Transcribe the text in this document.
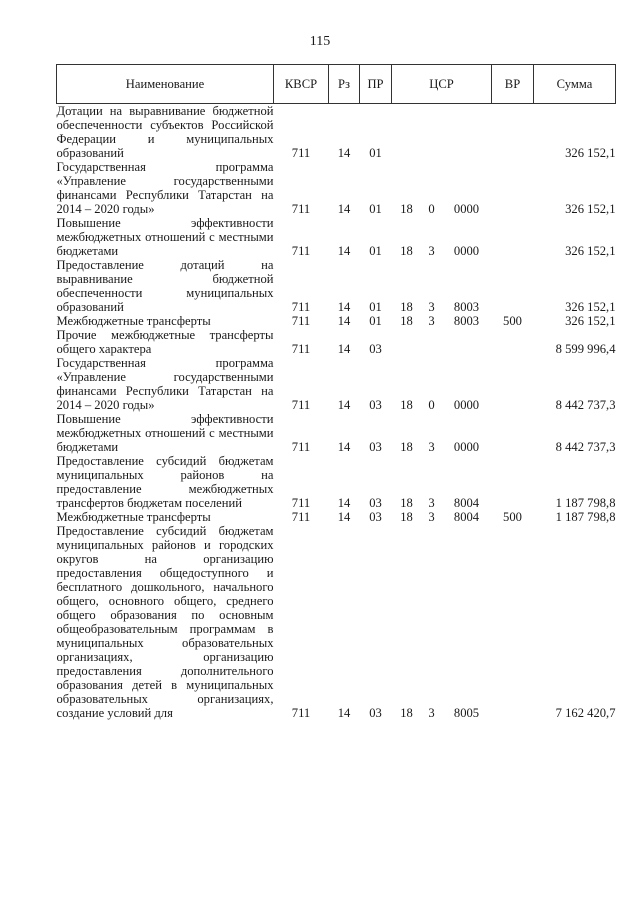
115
Наименование	КВСР	Рз	ПР	ЦСР			ВР	Сумма
Дотации на выравнивание бюджетной обеспеченности субъектов Российской Федерации и муниципальных образований	711	14	01					326 152,1
Государственная программа «Управление государственными финансами Республики Татарстан на 2014 – 2020 годы»	711	14	01	18	0	0000		326 152,1
Повышение эффективности межбюджетных отношений с местными бюджетами	711	14	01	18	3	0000		326 152,1
Предоставление дотаций на выравнивание бюджетной обеспеченности муниципальных образований	711	14	01	18	3	8003		326 152,1
Межбюджетные трансферты	711	14	01	18	3	8003	500	326 152,1
Прочие межбюджетные трансферты общего характера	711	14	03					8 599 996,4
Государственная программа «Управление государственными финансами Республики Татарстан на 2014 – 2020 годы»	711	14	03	18	0	0000		8 442 737,3
Повышение эффективности межбюджетных отношений с местными бюджетами	711	14	03	18	3	0000		8 442 737,3
Предоставление субсидий бюджетам муниципальных районов на предоставление межбюджетных трансфертов бюджетам поселений	711	14	03	18	3	8004		1 187 798,8
Межбюджетные трансферты	711	14	03	18	3	8004	500	1 187 798,8
Предоставление субсидий бюджетам муниципальных районов и городских округов на организацию предоставления общедоступного и бесплатного дошкольного, начального общего, основного общего, среднего общего образования по основным общеобразовательным программам в муниципальных образовательных организациях, организацию предоставления дополнительного образования детей в муниципальных образовательных организациях, создание условий для	711	14	03	18	3	8005		7 162 420,7
